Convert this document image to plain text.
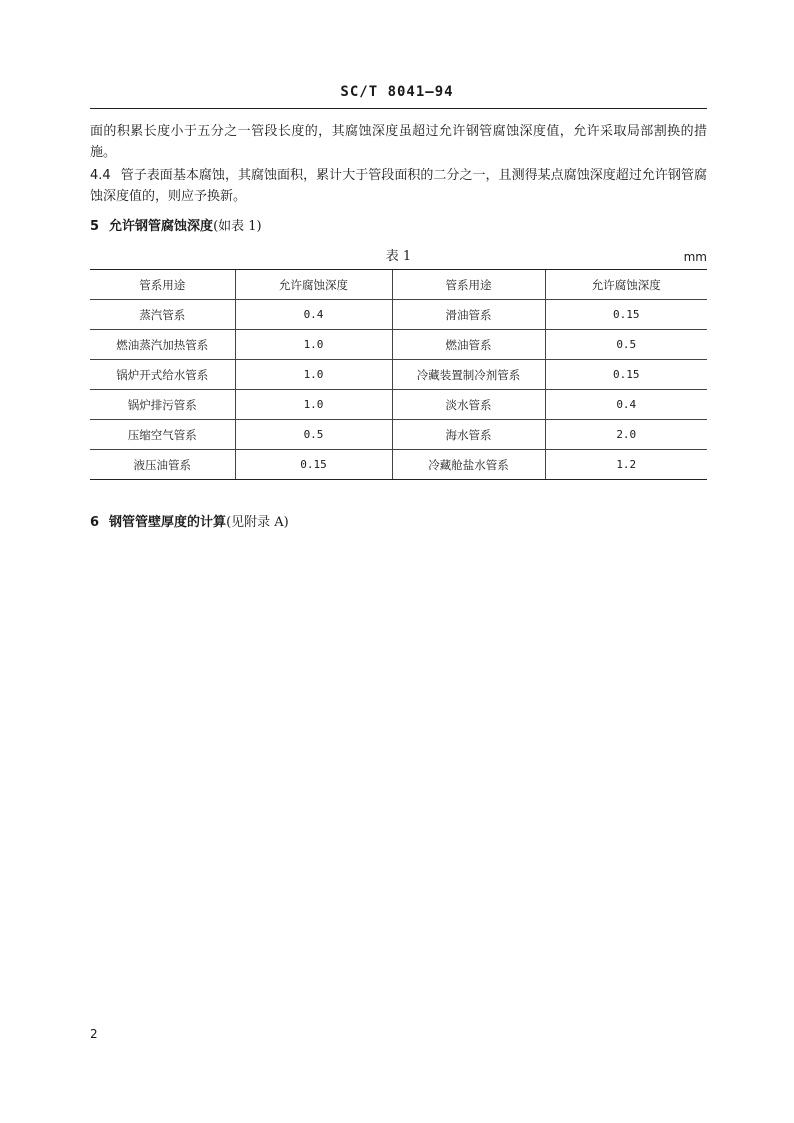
SC/T 8041—94
面的积累长度小于五分之一管段长度的，其腐蚀深度虽超过允许钢管腐蚀深度值，允许采取局部割换的措施。
4.4 管子表面基本腐蚀，其腐蚀面积，累计大于管段面积的二分之一，且测得某点腐蚀深度超过允许钢管腐蚀深度值的，则应予换新。
5 允许钢管腐蚀深度(如表 1)
表 1	mm
管系用途	允许腐蚀深度	管系用途	允许腐蚀深度
蒸汽管系	0.4	滑油管系	0.15
燃油蒸汽加热管系	1.0	燃油管系	0.5
锅炉开式给水管系	1.0	冷藏装置制冷剂管系	0.15
锅炉排污管系	1.0	淡水管系	0.4
压缩空气管系	0.5	海水管系	2.0
液压油管系	0.15	冷藏舱盐水管系	1.2
6 钢管管壁厚度的计算(见附录 A)
2
